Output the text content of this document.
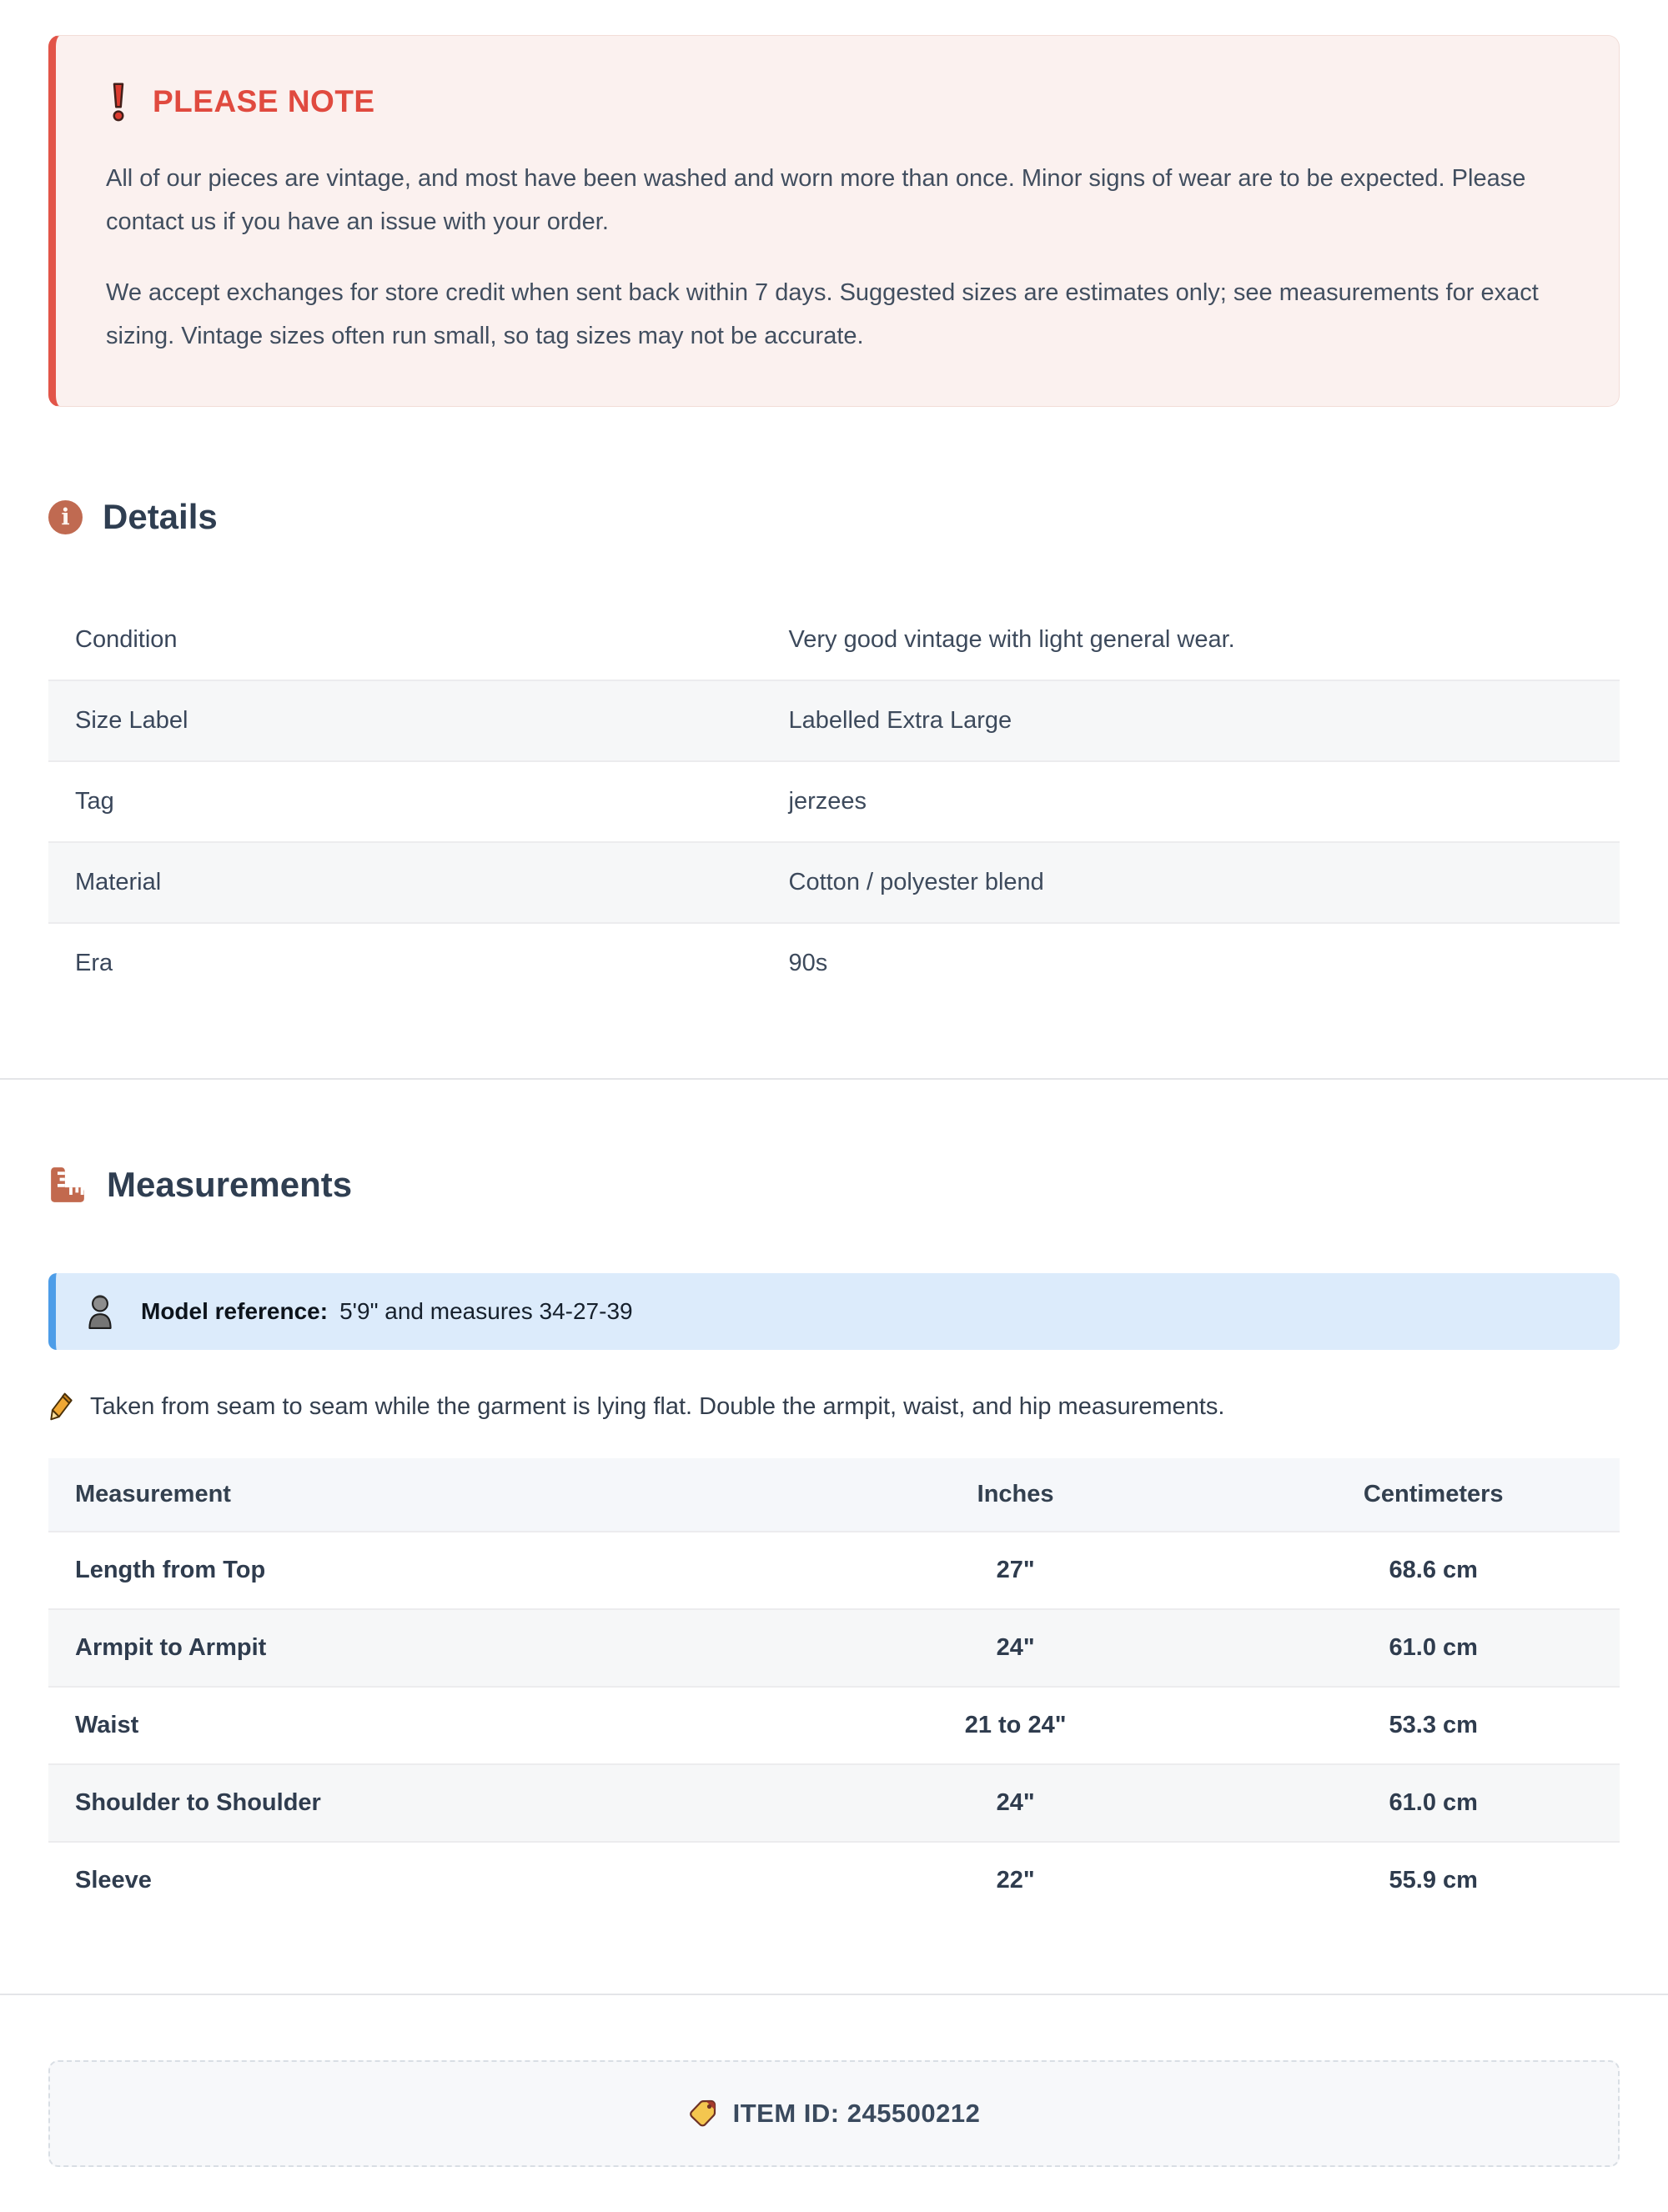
PLEASE NOTE

All of our pieces are vintage, and most have been washed and worn more than once. Minor signs of wear are to be expected. Please contact us if you have an issue with your order.

We accept exchanges for store credit when sent back within 7 days. Suggested sizes are estimates only; see measurements for exact sizing. Vintage sizes often run small, so tag sizes may not be accurate.

i Details
Condition	Very good vintage with light general wear.
Size Label	Labelled Extra Large
Tag	jerzees
Material	Cotton / polyester blend
Era	90s
Measurements
Model reference: 5'9" and measures 34-27-39
Taken from seam to seam while the garment is lying flat. Double the armpit, waist, and hip measurements.
Measurement	Inches	Centimeters
Length from Top	27"	68.6 cm
Armpit to Armpit	24"	61.0 cm
Waist	21 to 24"	53.3 cm
Shoulder to Shoulder	24"	61.0 cm
Sleeve	22"	55.9 cm
ITEM ID: 245500212
